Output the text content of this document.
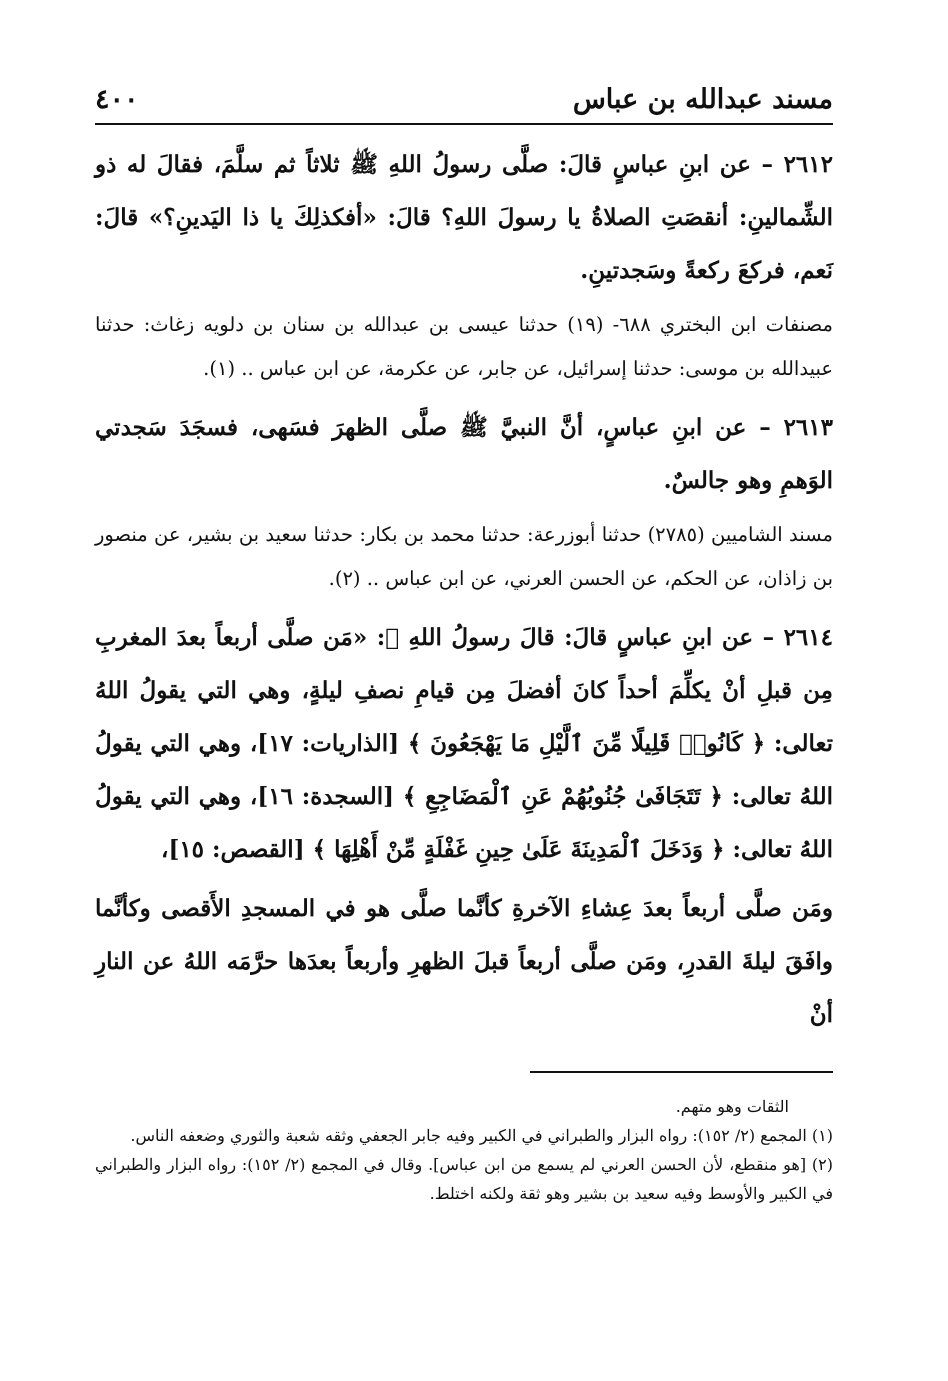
مسند عبدالله بن عباس
٤٠٠

٢٦١٢ – عن ابنِ عباسٍ قالَ: صلَّى رسولُ اللهِ ﷺ ثلاثاً ثم سلَّمَ، فقالَ له ذو الشِّمالينِ: أنقصَتِ الصلاةُ يا رسولَ اللهِ؟ قالَ: «أفكذلِكَ يا ذا اليَدينِ؟» قالَ: نَعم، فركعَ ركعةً وسَجدتينِ.

مصنفات ابن البختري ٦٨٨- (١٩) حدثنا عيسى بن عبدالله بن سنان بن دلويه زغاث: حدثنا عبيدالله بن موسى: حدثنا إسرائيل، عن جابر، عن عكرمة، عن ابن عباس .. (١).

٢٦١٣ – عن ابنِ عباسٍ، أنَّ النبيَّ ﷺ صلَّى الظهرَ فسَهى، فسجَدَ سَجدتي الوَهمِ وهو جالسٌ.

مسند الشاميين (٢٧٨٥) حدثنا أبوزرعة: حدثنا محمد بن بكار: حدثنا سعيد بن بشير، عن منصور بن زاذان، عن الحكم، عن الحسن العرني، عن ابن عباس .. (٢).

٢٦١٤ – عن ابنِ عباسٍ قالَ: قالَ رسولُ اللهِ ﷺ: «مَن صلَّى أربعاً بعدَ المغربِ مِن قبلِ أنْ يكلِّمَ أحداً كانَ أفضلَ مِن قيامِ نصفِ ليلةٍ، وهي التي يقولُ اللهُ تعالى: ﴿ كَانُوا۟ قَلِيلًا مِّنَ ٱلَّيْلِ مَا يَهْجَعُونَ ﴾ [الذاريات: ١٧]، وهي التي يقولُ اللهُ تعالى: ﴿ تَتَجَافَىٰ جُنُوبُهُمْ عَنِ ٱلْمَضَاجِعِ ﴾ [السجدة: ١٦]، وهي التي يقولُ اللهُ تعالى: ﴿ وَدَخَلَ ٱلْمَدِينَةَ عَلَىٰ حِينِ غَفْلَةٍ مِّنْ أَهْلِهَا ﴾ [القصص: ١٥]،

ومَن صلَّى أربعاً بعدَ عِشاءِ الآخرةِ كأنَّما صلَّى هو في المسجدِ الأَقصى وكأنَّما وافَقَ ليلةَ القدرِ، ومَن صلَّى أربعاً قبلَ الظهرِ وأربعاً بعدَها حرَّمَه اللهُ عن النارِ أنْ

الثقات وهو متهم.

(١) المجمع (٢/ ١٥٢): رواه البزار والطبراني في الكبير وفيه جابر الجعفي وثقه شعبة والثوري وضعفه الناس.

(٢) [هو منقطع، لأن الحسن العرني لم يسمع من ابن عباس]. وقال في المجمع (٢/ ١٥٢): رواه البزار والطبراني في الكبير والأوسط وفيه سعيد بن بشير وهو ثقة ولكنه اختلط.
